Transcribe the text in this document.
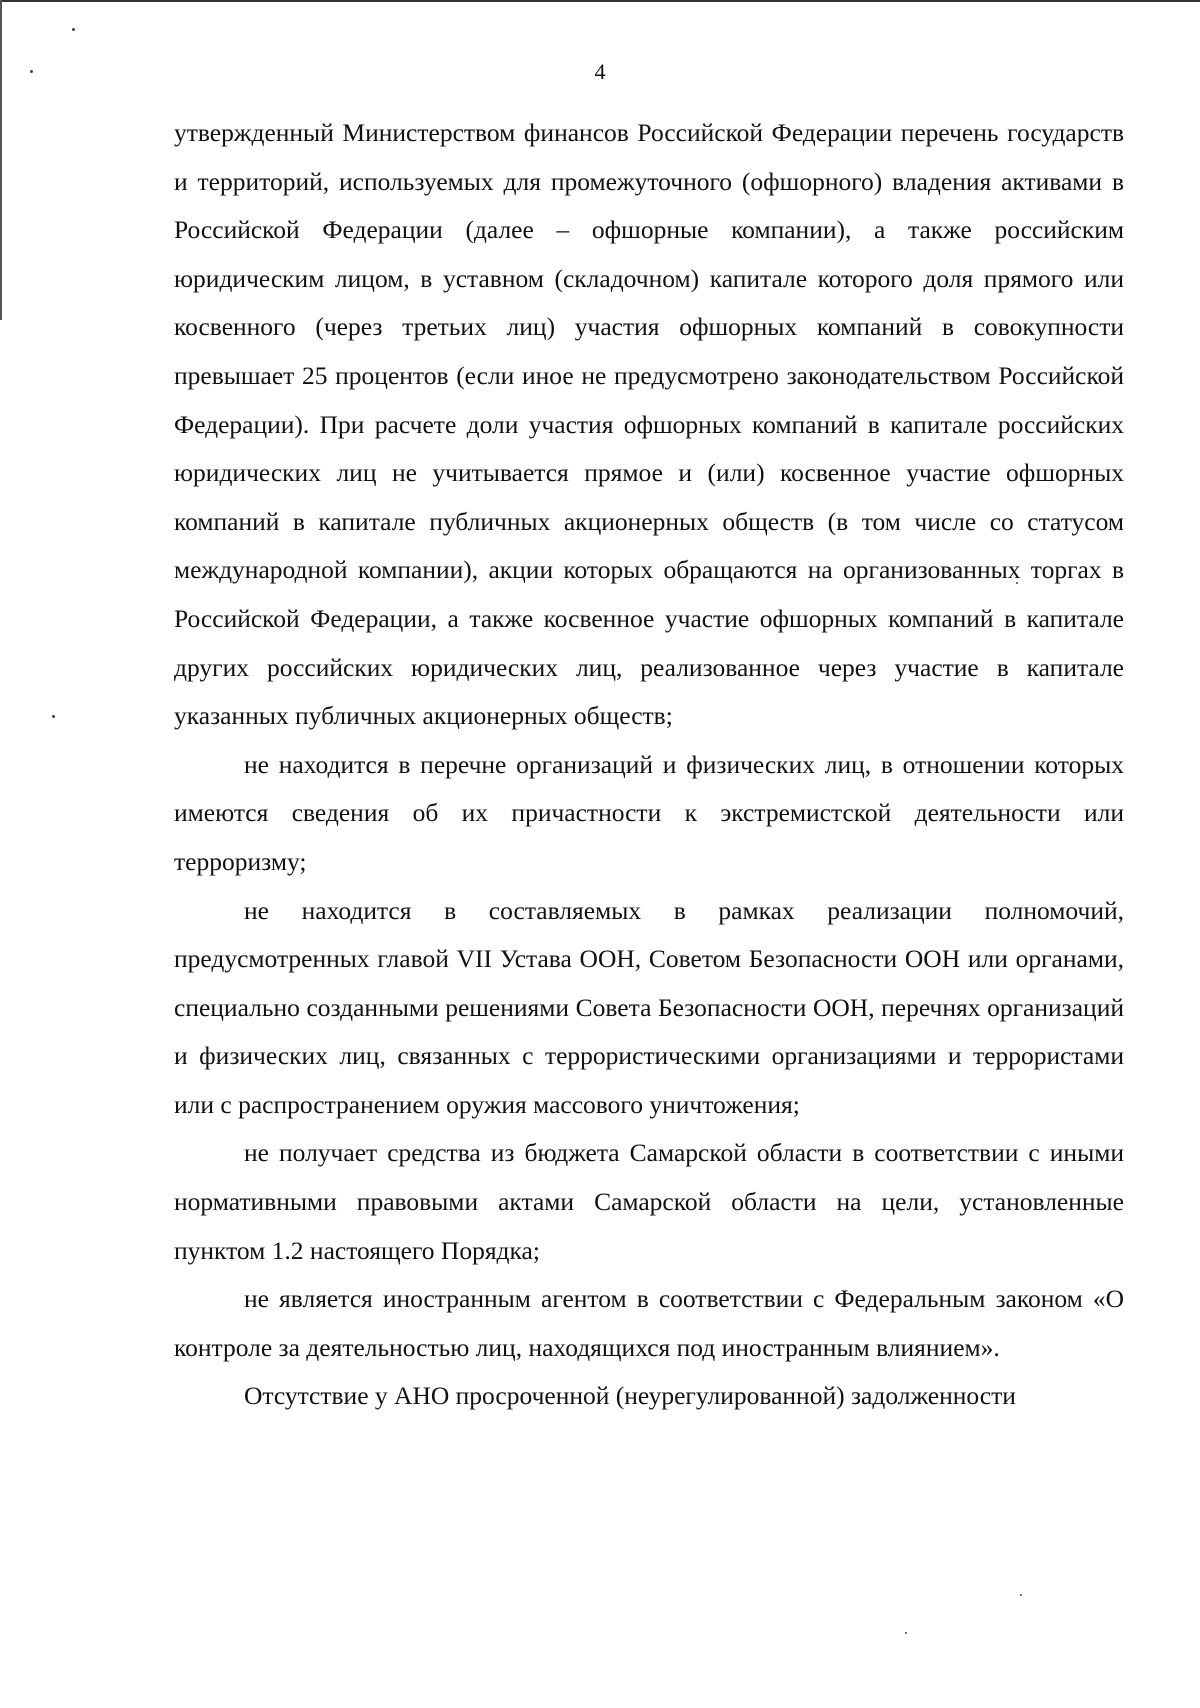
4

утвержденный Министерством финансов Российской Федерации перечень государств и территорий, используемых для промежуточного (офшорного) владения активами в Российской Федерации (далее – офшорные компании), а также российским юридическим лицом, в уставном (складочном) капитале которого доля прямого или косвенного (через третьих лиц) участия офшорных компаний в совокупности превышает 25 процентов (если иное не предусмотрено законодательством Российской Федерации). При расчете доли участия офшорных компаний в капитале российских юридических лиц не учитывается прямое и (или) косвенное участие офшорных компаний в капитале публичных акционерных обществ (в том числе со статусом международной компании), акции которых обращаются на организованных торгах в Российской Федерации, а также косвенное участие офшорных компаний в капитале других российских юридических лиц, реализованное через участие в капитале указанных публичных акционерных обществ;

не находится в перечне организаций и физических лиц, в отношении которых имеются сведения об их причастности к экстремистской деятельности или терроризму;

не находится в составляемых в рамках реализации полномочий, предусмотренных главой VII Устава ООН, Советом Безопасности ООН или органами, специально созданными решениями Совета Безопасности ООН, перечнях организаций и физических лиц, связанных с террористическими организациями и террористами или с распространением оружия массового уничтожения;

не получает средства из бюджета Самарской области в соответствии с иными нормативными правовыми актами Самарской области на цели, установленные пунктом 1.2 настоящего Порядка;

не является иностранным агентом в соответствии с Федеральным законом «О контроле за деятельностью лиц, находящихся под иностранным влиянием».

Отсутствие у АНО просроченной (неурегулированной) задолженности
